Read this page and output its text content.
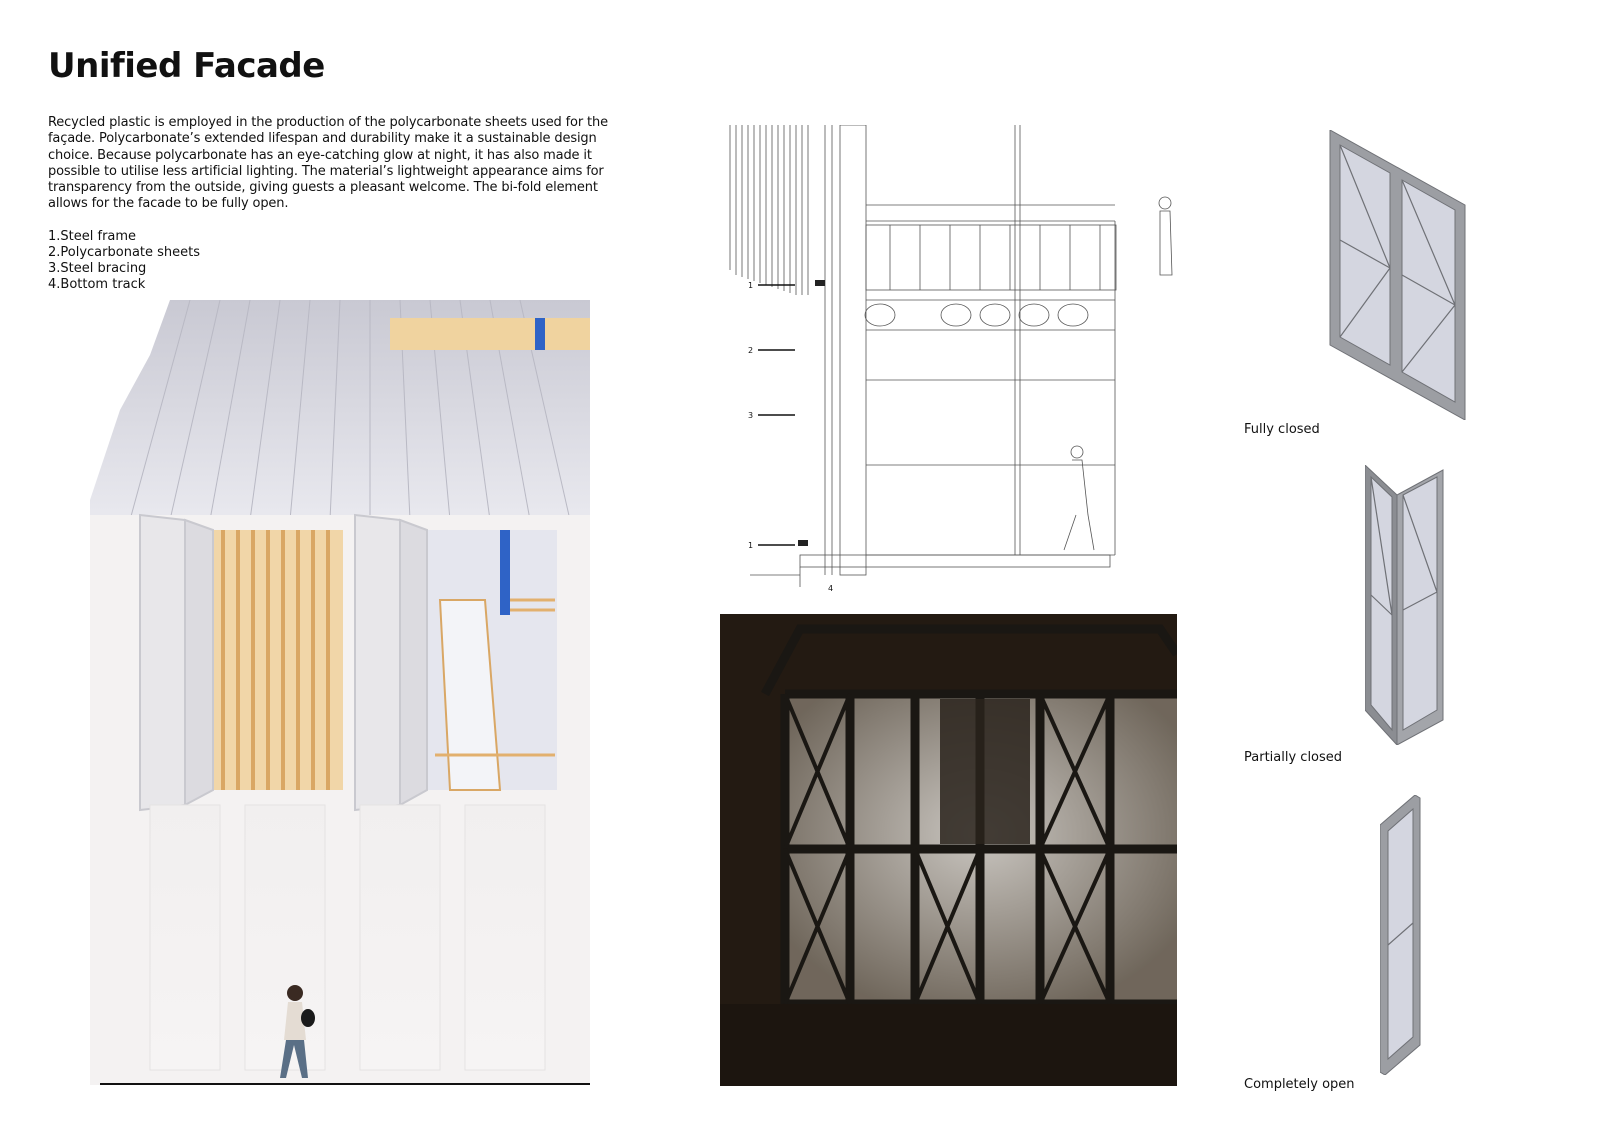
Unified Facade

Recycled plastic is employed in the production of the polycarbonate sheets used for the façade. Polycarbonate’s extended lifespan and durability make it a sustainable design choice. Because polycarbonate has an eye-catching glow at night, it has also made it possible to utilise less artificial lighting. The material’s lightweight appearance aims for transparency from the outside, giving guests a pleasant welcome. The bi-fold element allows for the facade to be fully open.

1.Steel frame
2.Polycarbonate sheets
3.Steel bracing
4.Bottom track	1
2
3
1
4
Fully closed
Partially closed
Completely open
